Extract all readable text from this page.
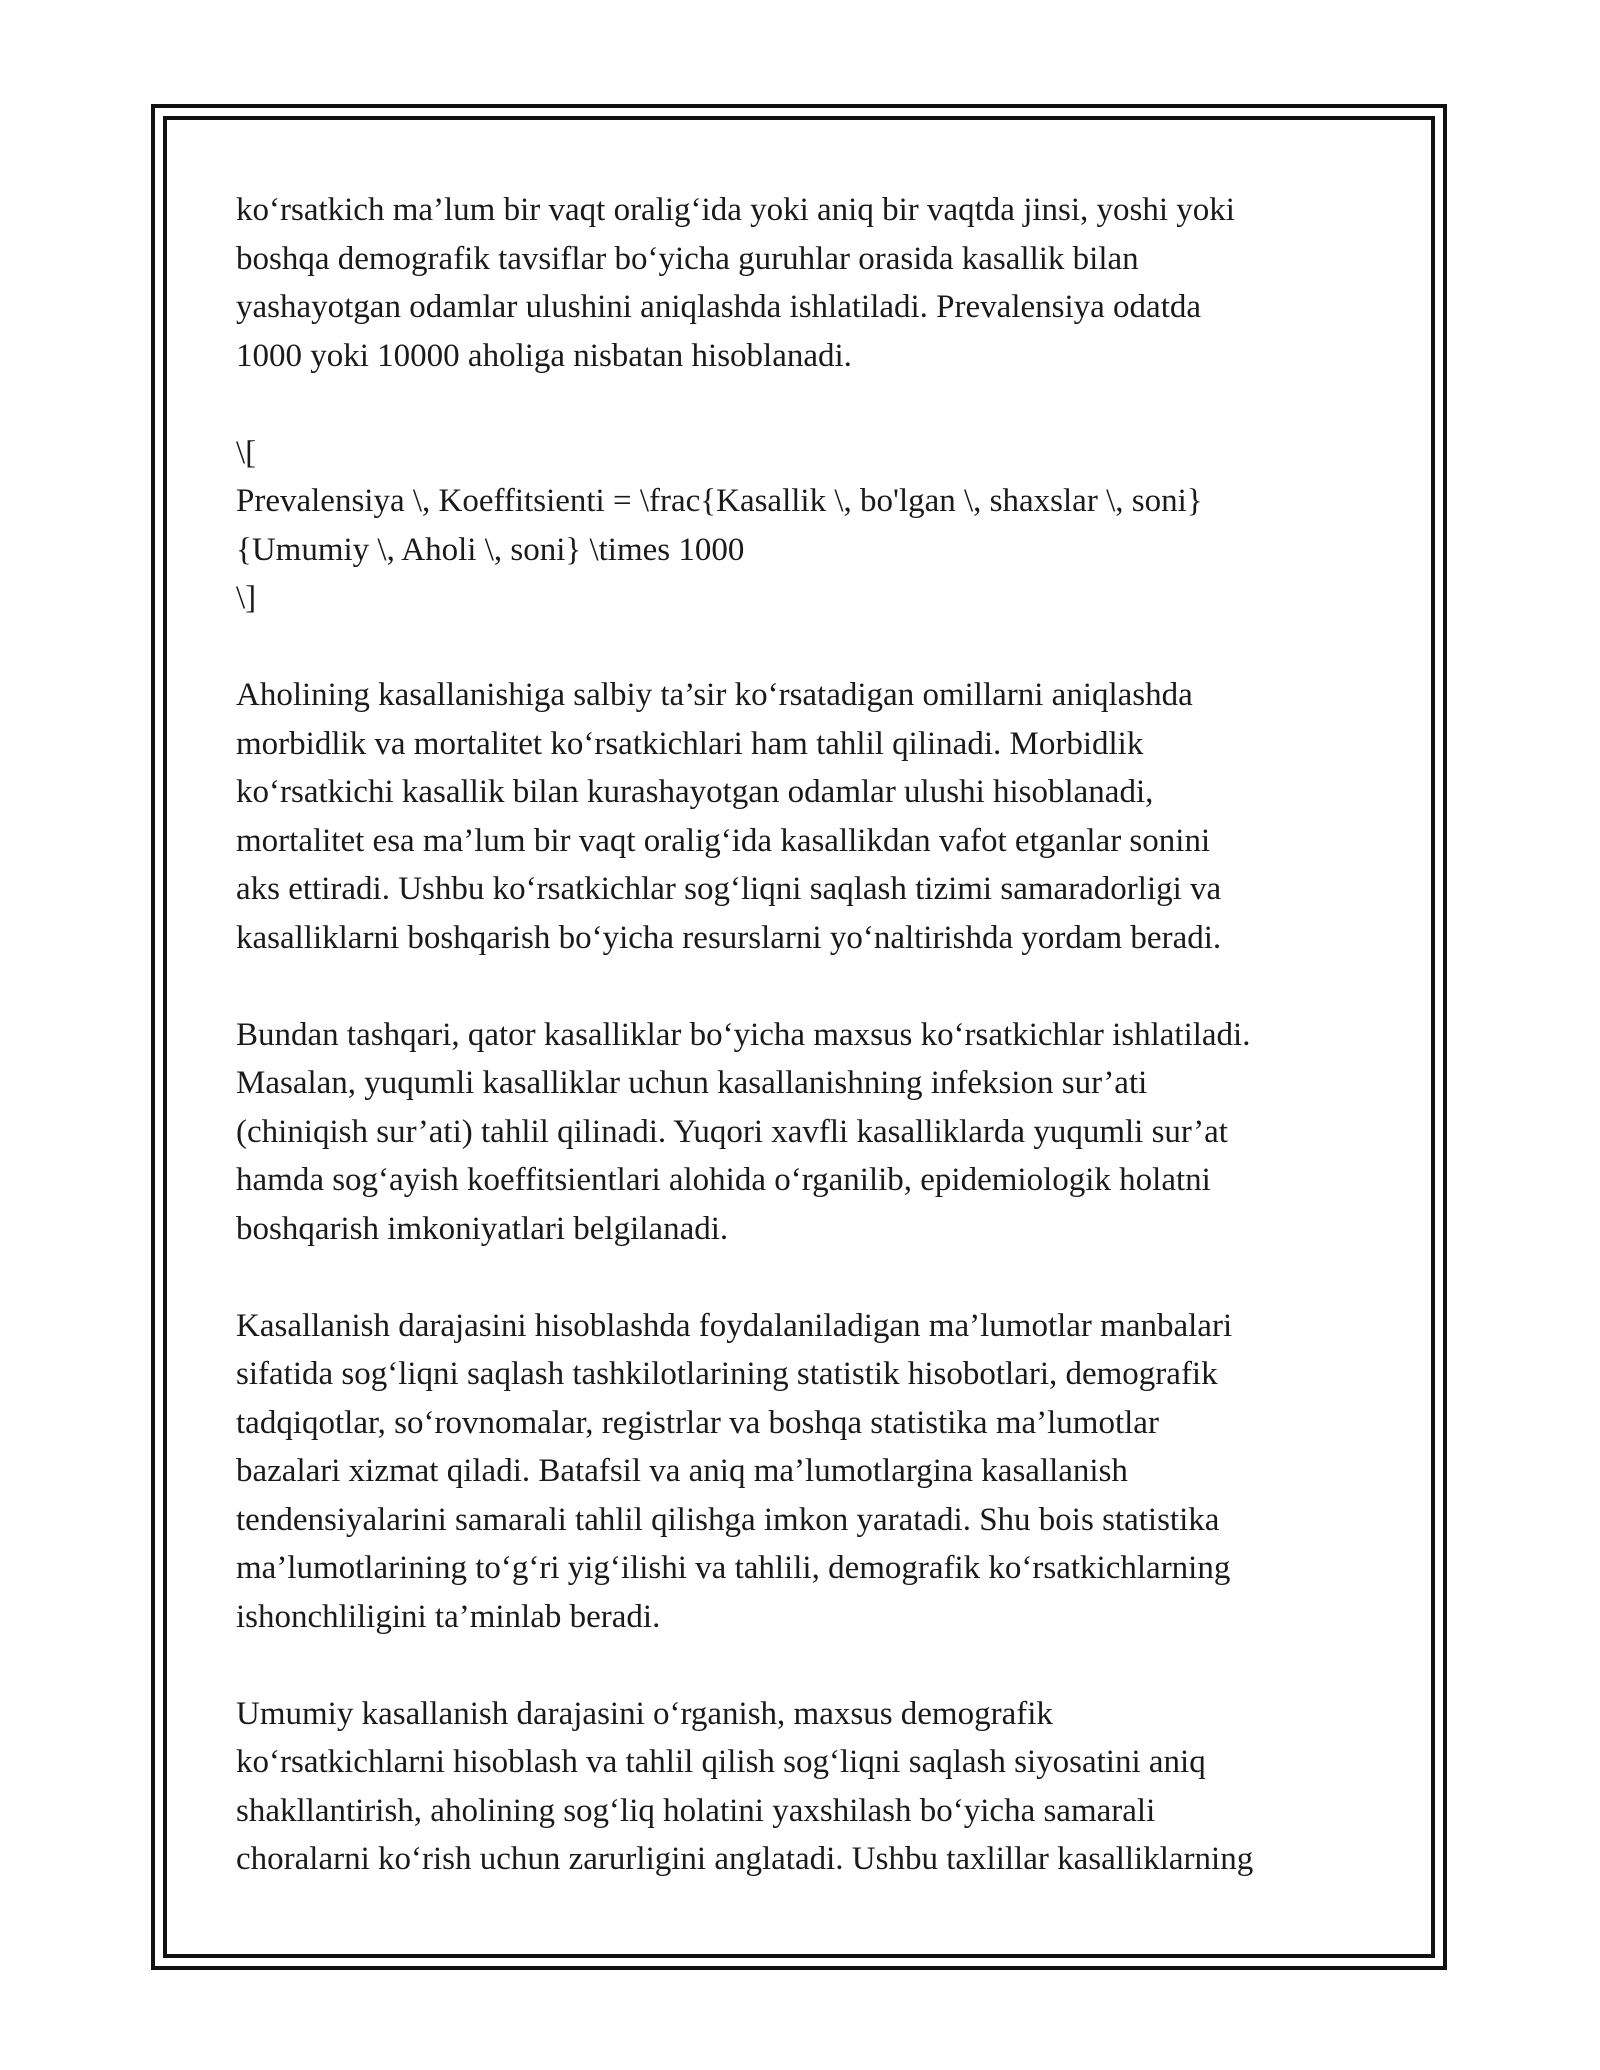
ko‘rsatkich ma’lum bir vaqt oralig‘ida yoki aniq bir vaqtda jinsi, yoshi yoki
boshqa demografik tavsiflar bo‘yicha guruhlar orasida kasallik bilan
yashayotgan odamlar ulushini aniqlashda ishlatiladi. Prevalensiya odatda
1000 yoki 10000 aholiga nisbatan hisoblanadi.

\[
Prevalensiya \, Koeffitsienti = \frac{Kasallik \, bo'lgan \, shaxslar \, soni}
{Umumiy \, Aholi \, soni} \times 1000
\]

Aholining kasallanishiga salbiy ta’sir ko‘rsatadigan omillarni aniqlashda
morbidlik va mortalitet ko‘rsatkichlari ham tahlil qilinadi. Morbidlik
ko‘rsatkichi kasallik bilan kurashayotgan odamlar ulushi hisoblanadi,
mortalitet esa ma’lum bir vaqt oralig‘ida kasallikdan vafot etganlar sonini
aks ettiradi. Ushbu ko‘rsatkichlar sog‘liqni saqlash tizimi samaradorligi va
kasalliklarni boshqarish bo‘yicha resurslarni yo‘naltirishda yordam beradi.

Bundan tashqari, qator kasalliklar bo‘yicha maxsus ko‘rsatkichlar ishlatiladi.
Masalan, yuqumli kasalliklar uchun kasallanishning infeksion sur’ati
(chiniqish sur’ati) tahlil qilinadi. Yuqori xavfli kasalliklarda yuqumli sur’at
hamda sog‘ayish koeffitsientlari alohida o‘rganilib, epidemiologik holatni
boshqarish imkoniyatlari belgilanadi.

Kasallanish darajasini hisoblashda foydalaniladigan ma’lumotlar manbalari
sifatida sog‘liqni saqlash tashkilotlarining statistik hisobotlari, demografik
tadqiqotlar, so‘rovnomalar, registrlar va boshqa statistika ma’lumotlar
bazalari xizmat qiladi. Batafsil va aniq ma’lumotlargina kasallanish
tendensiyalarini samarali tahlil qilishga imkon yaratadi. Shu bois statistika
ma’lumotlarining to‘g‘ri yig‘ilishi va tahlili, demografik ko‘rsatkichlarning
ishonchliligini ta’minlab beradi.

Umumiy kasallanish darajasini o‘rganish, maxsus demografik
ko‘rsatkichlarni hisoblash va tahlil qilish sog‘liqni saqlash siyosatini aniq
shakllantirish, aholining sog‘liq holatini yaxshilash bo‘yicha samarali
choralarni ko‘rish uchun zarurligini anglatadi. Ushbu taxlillar kasalliklarning
